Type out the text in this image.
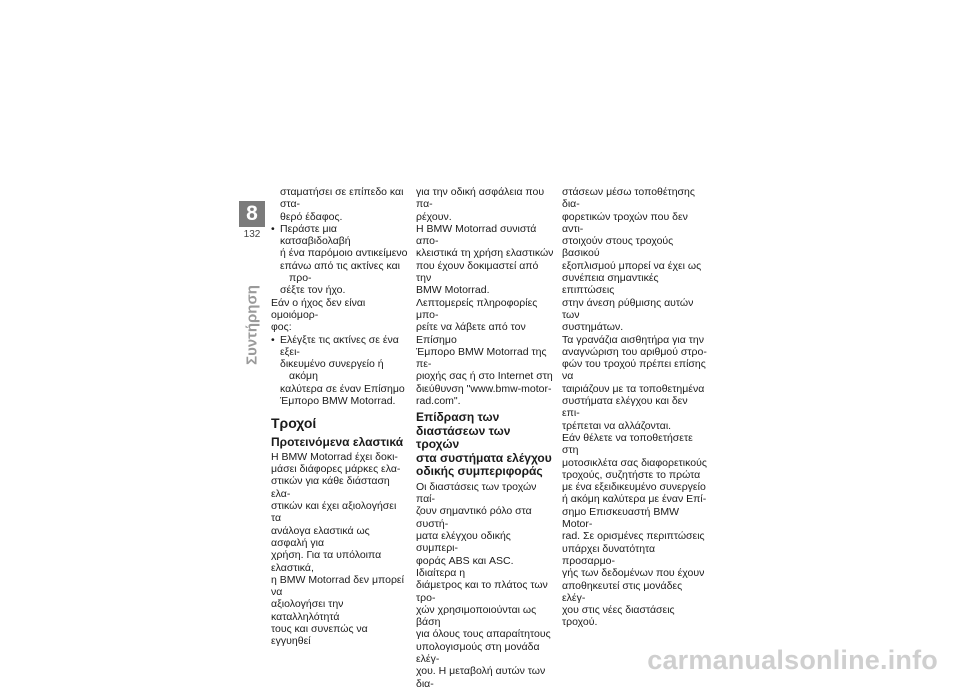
8
132
Συντήρηση
σταματήσει σε επίπεδο και στα-
θερό έδαφος.
• Περάστε μια κατσαβιδολαβή
ή ένα παρόμοιο αντικείμενο
επάνω από τις ακτίνες και προ-
σέξτε τον ήχο.
Εάν ο ήχος δεν είναι ομοιόμορ-
φος:
• Ελέγξτε τις ακτίνες σε ένα εξει-
δικευμένο συνεργείο ή ακόμη
καλύτερα σε έναν Επίσημο
Έμπορο BMW Motorrad.
Τροχοί
Προτεινόμενα ελαστικά
Η BMW Motorrad έχει δοκι-
μάσει διάφορες μάρκες ελα-
στικών για κάθε διάσταση ελα-
στικών και έχει αξιολογήσει τα
ανάλογα ελαστικά ως ασφαλή για
χρήση. Για τα υπόλοιπα ελαστικά,
η BMW Motorrad δεν μπορεί να
αξιολογήσει την καταλληλότητά
τους και συνεπώς να εγγυηθεί
για την οδική ασφάλεια που πα-
ρέχουν.
Η BMW Motorrad συνιστά απο-
κλειστικά τη χρήση ελαστικών
που έχουν δοκιμαστεί από την
BMW Motorrad.
Λεπτομερείς πληροφορίες μπο-
ρείτε να λάβετε από τον Επίσημο
Έμπορο BMW Motorrad της πε-
ριοχής σας ή στο Internet στη
διεύθυνση "www.bmw-motor-
rad.com".
Επίδραση των
διαστάσεων των τροχών
στα συστήματα ελέγχου
οδικής συμπεριφοράς
Οι διαστάσεις των τροχών παί-
ζουν σημαντικό ρόλο στα συστή-
ματα ελέγχου οδικής συμπερι-
φοράς ABS και ASC. Ιδιαίτερα η
διάμετρος και το πλάτος των τρο-
χών χρησιμοποιούνται ως βάση
για όλους τους απαραίτητους
υπολογισμούς στη μονάδα ελέγ-
χου. Η μεταβολή αυτών των δια-
στάσεων μέσω τοποθέτησης δια-
φορετικών τροχών που δεν αντι-
στοιχούν στους τροχούς βασικού
εξοπλισμού μπορεί να έχει ως
συνέπεια σημαντικές επιπτώσεις
στην άνεση ρύθμισης αυτών των
συστημάτων.
Τα γρανάζια αισθητήρα για την
αναγνώριση του αριθμού στρο-
φών του τροχού πρέπει επίσης να
ταιριάζουν με τα τοποθετημένα
συστήματα ελέγχου και δεν επι-
τρέπεται να αλλάζονται.
Εάν θέλετε να τοποθετήσετε στη
μοτοσικλέτα σας διαφορετικούς
τροχούς, συζητήστε το πρώτα
με ένα εξειδικευμένο συνεργείο
ή ακόμη καλύτερα με έναν Επί-
σημο Επισκευαστή BMW Motor-
rad. Σε ορισμένες περιπτώσεις
υπάρχει δυνατότητα προσαρμο-
γής των δεδομένων που έχουν
αποθηκευτεί στις μονάδες ελέγ-
χου στις νέες διαστάσεις τροχού.
carmanualsonline.info
